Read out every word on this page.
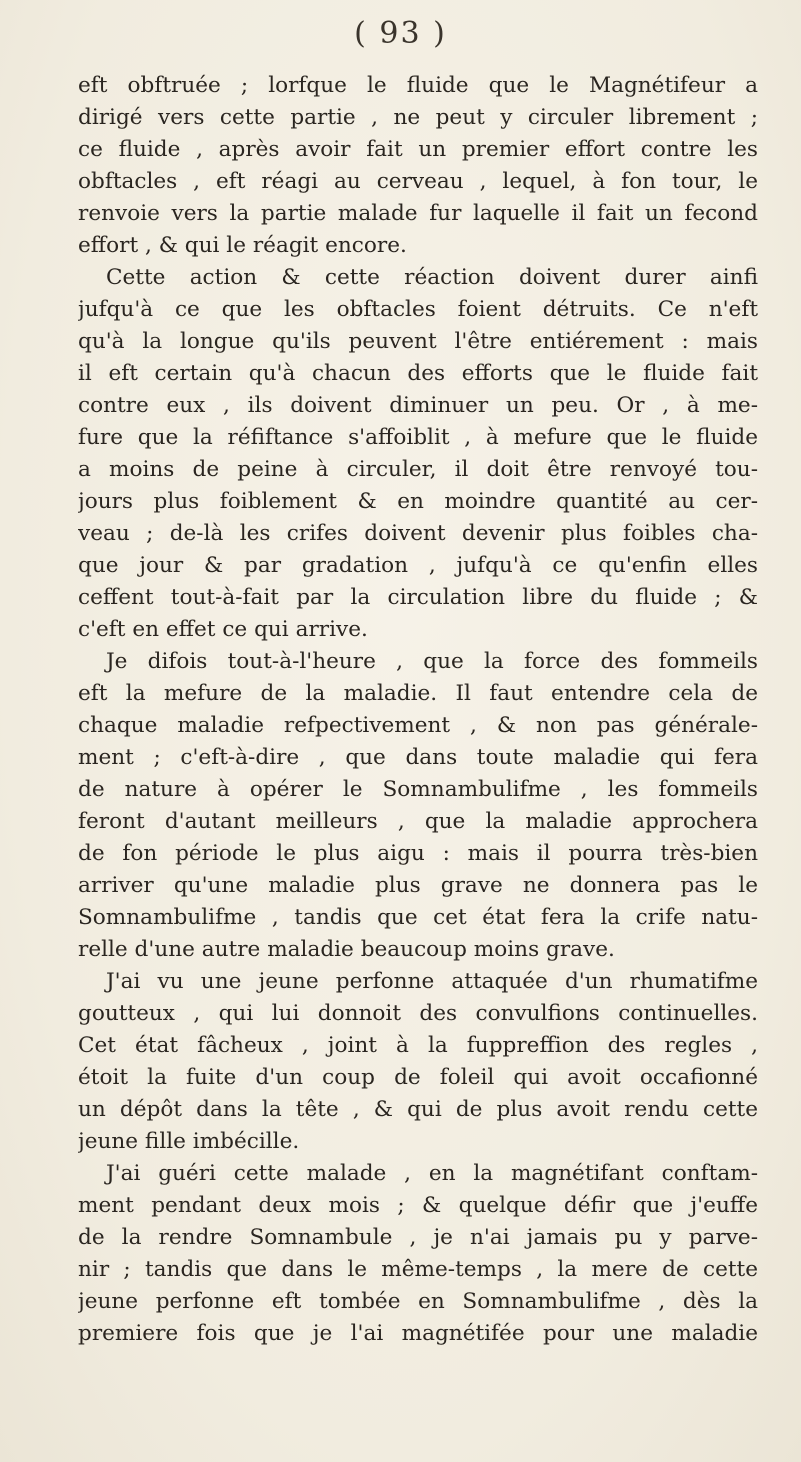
( 93 )
eft obftruée ; lorfque le fluide que le Magnétifeur a
dirigé vers cette partie , ne peut y circuler librement ;
ce fluide , après avoir fait un premier effort contre les
obftacles , eft réagi au cerveau , lequel, à fon tour, le
renvoie vers la partie malade fur laquelle il fait un fecond
effort , & qui le réagit encore.
Cette action & cette réaction doivent durer ainfi
jufqu'à ce que les obftacles foient détruits. Ce n'eft
qu'à la longue qu'ils peuvent l'être entiérement : mais
il eft certain qu'à chacun des efforts que le fluide fait
contre eux , ils doivent diminuer un peu. Or , à me-
fure que la réfiftance s'affoiblit , à mefure que le fluide
a moins de peine à circuler, il doit être renvoyé tou-
jours plus foiblement & en moindre quantité au cer-
veau ; de-là les crifes doivent devenir plus foibles cha-
que jour & par gradation , jufqu'à ce qu'enfin elles
ceffent tout-à-fait par la circulation libre du fluide ; &
c'eft en effet ce qui arrive.
Je difois tout-à-l'heure , que la force des fommeils
eft la mefure de la maladie. Il faut entendre cela de
chaque maladie refpectivement , & non pas générale-
ment ; c'eft-à-dire , que dans toute maladie qui fera
de nature à opérer le Somnambulifme , les fommeils
feront d'autant meilleurs , que la maladie approchera
de fon période le plus aigu : mais il pourra très-bien
arriver qu'une maladie plus grave ne donnera pas le
Somnambulifme , tandis que cet état fera la crife natu-
relle d'une autre maladie beaucoup moins grave.
J'ai vu une jeune perfonne attaquée d'un rhumatifme
goutteux , qui lui donnoit des convulfions continuelles.
Cet état fâcheux , joint à la fuppreffion des regles ,
étoit la fuite d'un coup de foleil qui avoit occafionné
un dépôt dans la tête , & qui de plus avoit rendu cette
jeune fille imbécille.
J'ai guéri cette malade , en la magnétifant conftam-
ment pendant deux mois ; & quelque défir que j'euffe
de la rendre Somnambule , je n'ai jamais pu y parve-
nir ; tandis que dans le même-temps , la mere de cette
jeune perfonne eft tombée en Somnambulifme , dès la
premiere fois que je l'ai magnétifée pour une maladie
